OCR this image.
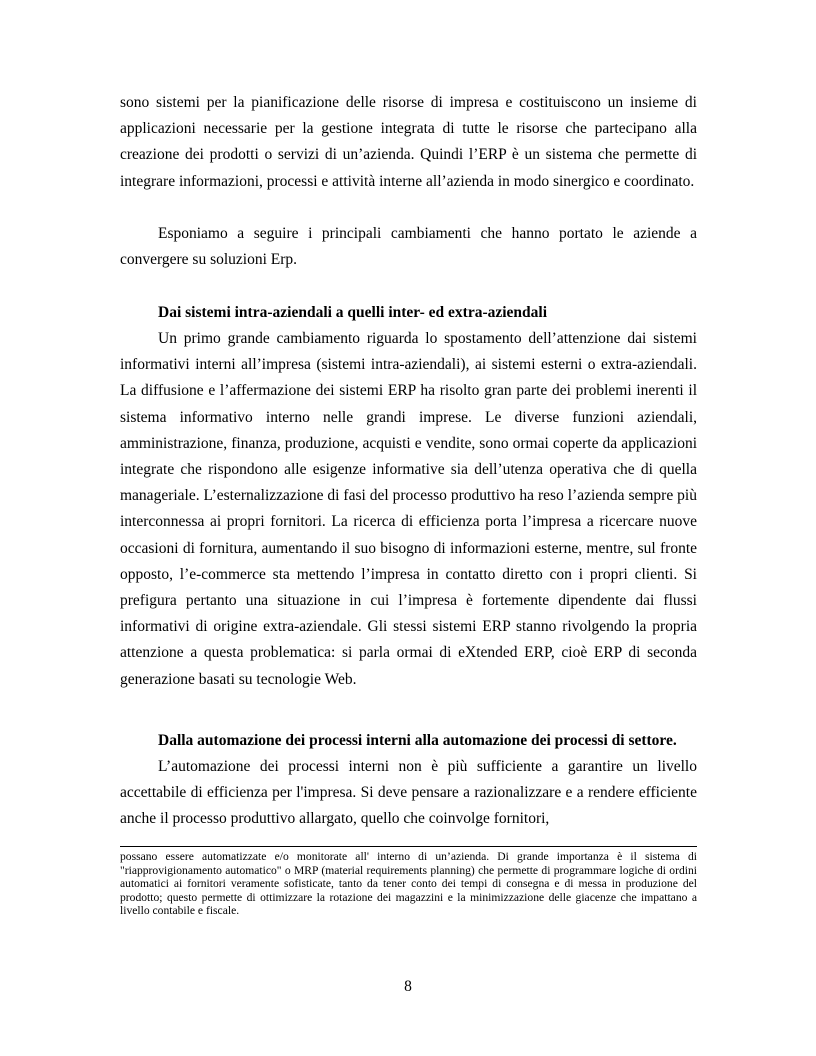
sono sistemi per la pianificazione delle risorse di impresa e costituiscono un insieme di applicazioni necessarie per la gestione integrata di tutte le risorse che partecipano alla creazione dei prodotti o servizi di un’azienda. Quindi l’ERP è un sistema che permette di integrare informazioni, processi e attività interne all’azienda in modo sinergico e coordinato.

Esponiamo a seguire i principali cambiamenti che hanno portato le aziende a convergere su soluzioni Erp.

Dai sistemi intra-aziendali a quelli inter- ed extra-aziendali

Un primo grande cambiamento riguarda lo spostamento dell’attenzione dai sistemi informativi interni all’impresa (sistemi intra-aziendali), ai sistemi esterni o extra-aziendali. La diffusione e l’affermazione dei sistemi ERP ha risolto gran parte dei problemi inerenti il sistema informativo interno nelle grandi imprese. Le diverse funzioni aziendali, amministrazione, finanza, produzione, acquisti e vendite, sono ormai coperte da applicazioni integrate che rispondono alle esigenze informative sia dell’utenza operativa che di quella manageriale. L’esternalizzazione di fasi del processo produttivo ha reso l’azienda sempre più interconnessa ai propri fornitori. La ricerca di efficienza porta l’impresa a ricercare nuove occasioni di fornitura, aumentando il suo bisogno di informazioni esterne, mentre, sul fronte opposto, l’e-commerce sta mettendo l’impresa in contatto diretto con i propri clienti. Si prefigura pertanto una situazione in cui l’impresa è fortemente dipendente dai flussi informativi di origine extra-aziendale. Gli stessi sistemi ERP stanno rivolgendo la propria attenzione a questa problematica: si parla ormai di eXtended ERP, cioè ERP di seconda generazione basati su tecnologie Web.

Dalla automazione dei processi interni alla automazione dei processi di settore.

L’automazione dei processi interni non è più sufficiente a garantire un livello accettabile di efficienza per l'impresa. Si deve pensare a razionalizzare e a rendere efficiente anche il processo produttivo allargato, quello che coinvolge fornitori,

possano essere automatizzate e/o monitorate all' interno di un’azienda. Di grande importanza è il sistema di "riapprovigionamento automatico" o MRP (material requirements planning) che permette di programmare logiche di ordini automatici ai fornitori veramente sofisticate, tanto da tener conto dei tempi di consegna e di messa in produzione del prodotto; questo permette di ottimizzare la rotazione dei magazzini e la minimizzazione delle giacenze che impattano a livello contabile e fiscale.

8
